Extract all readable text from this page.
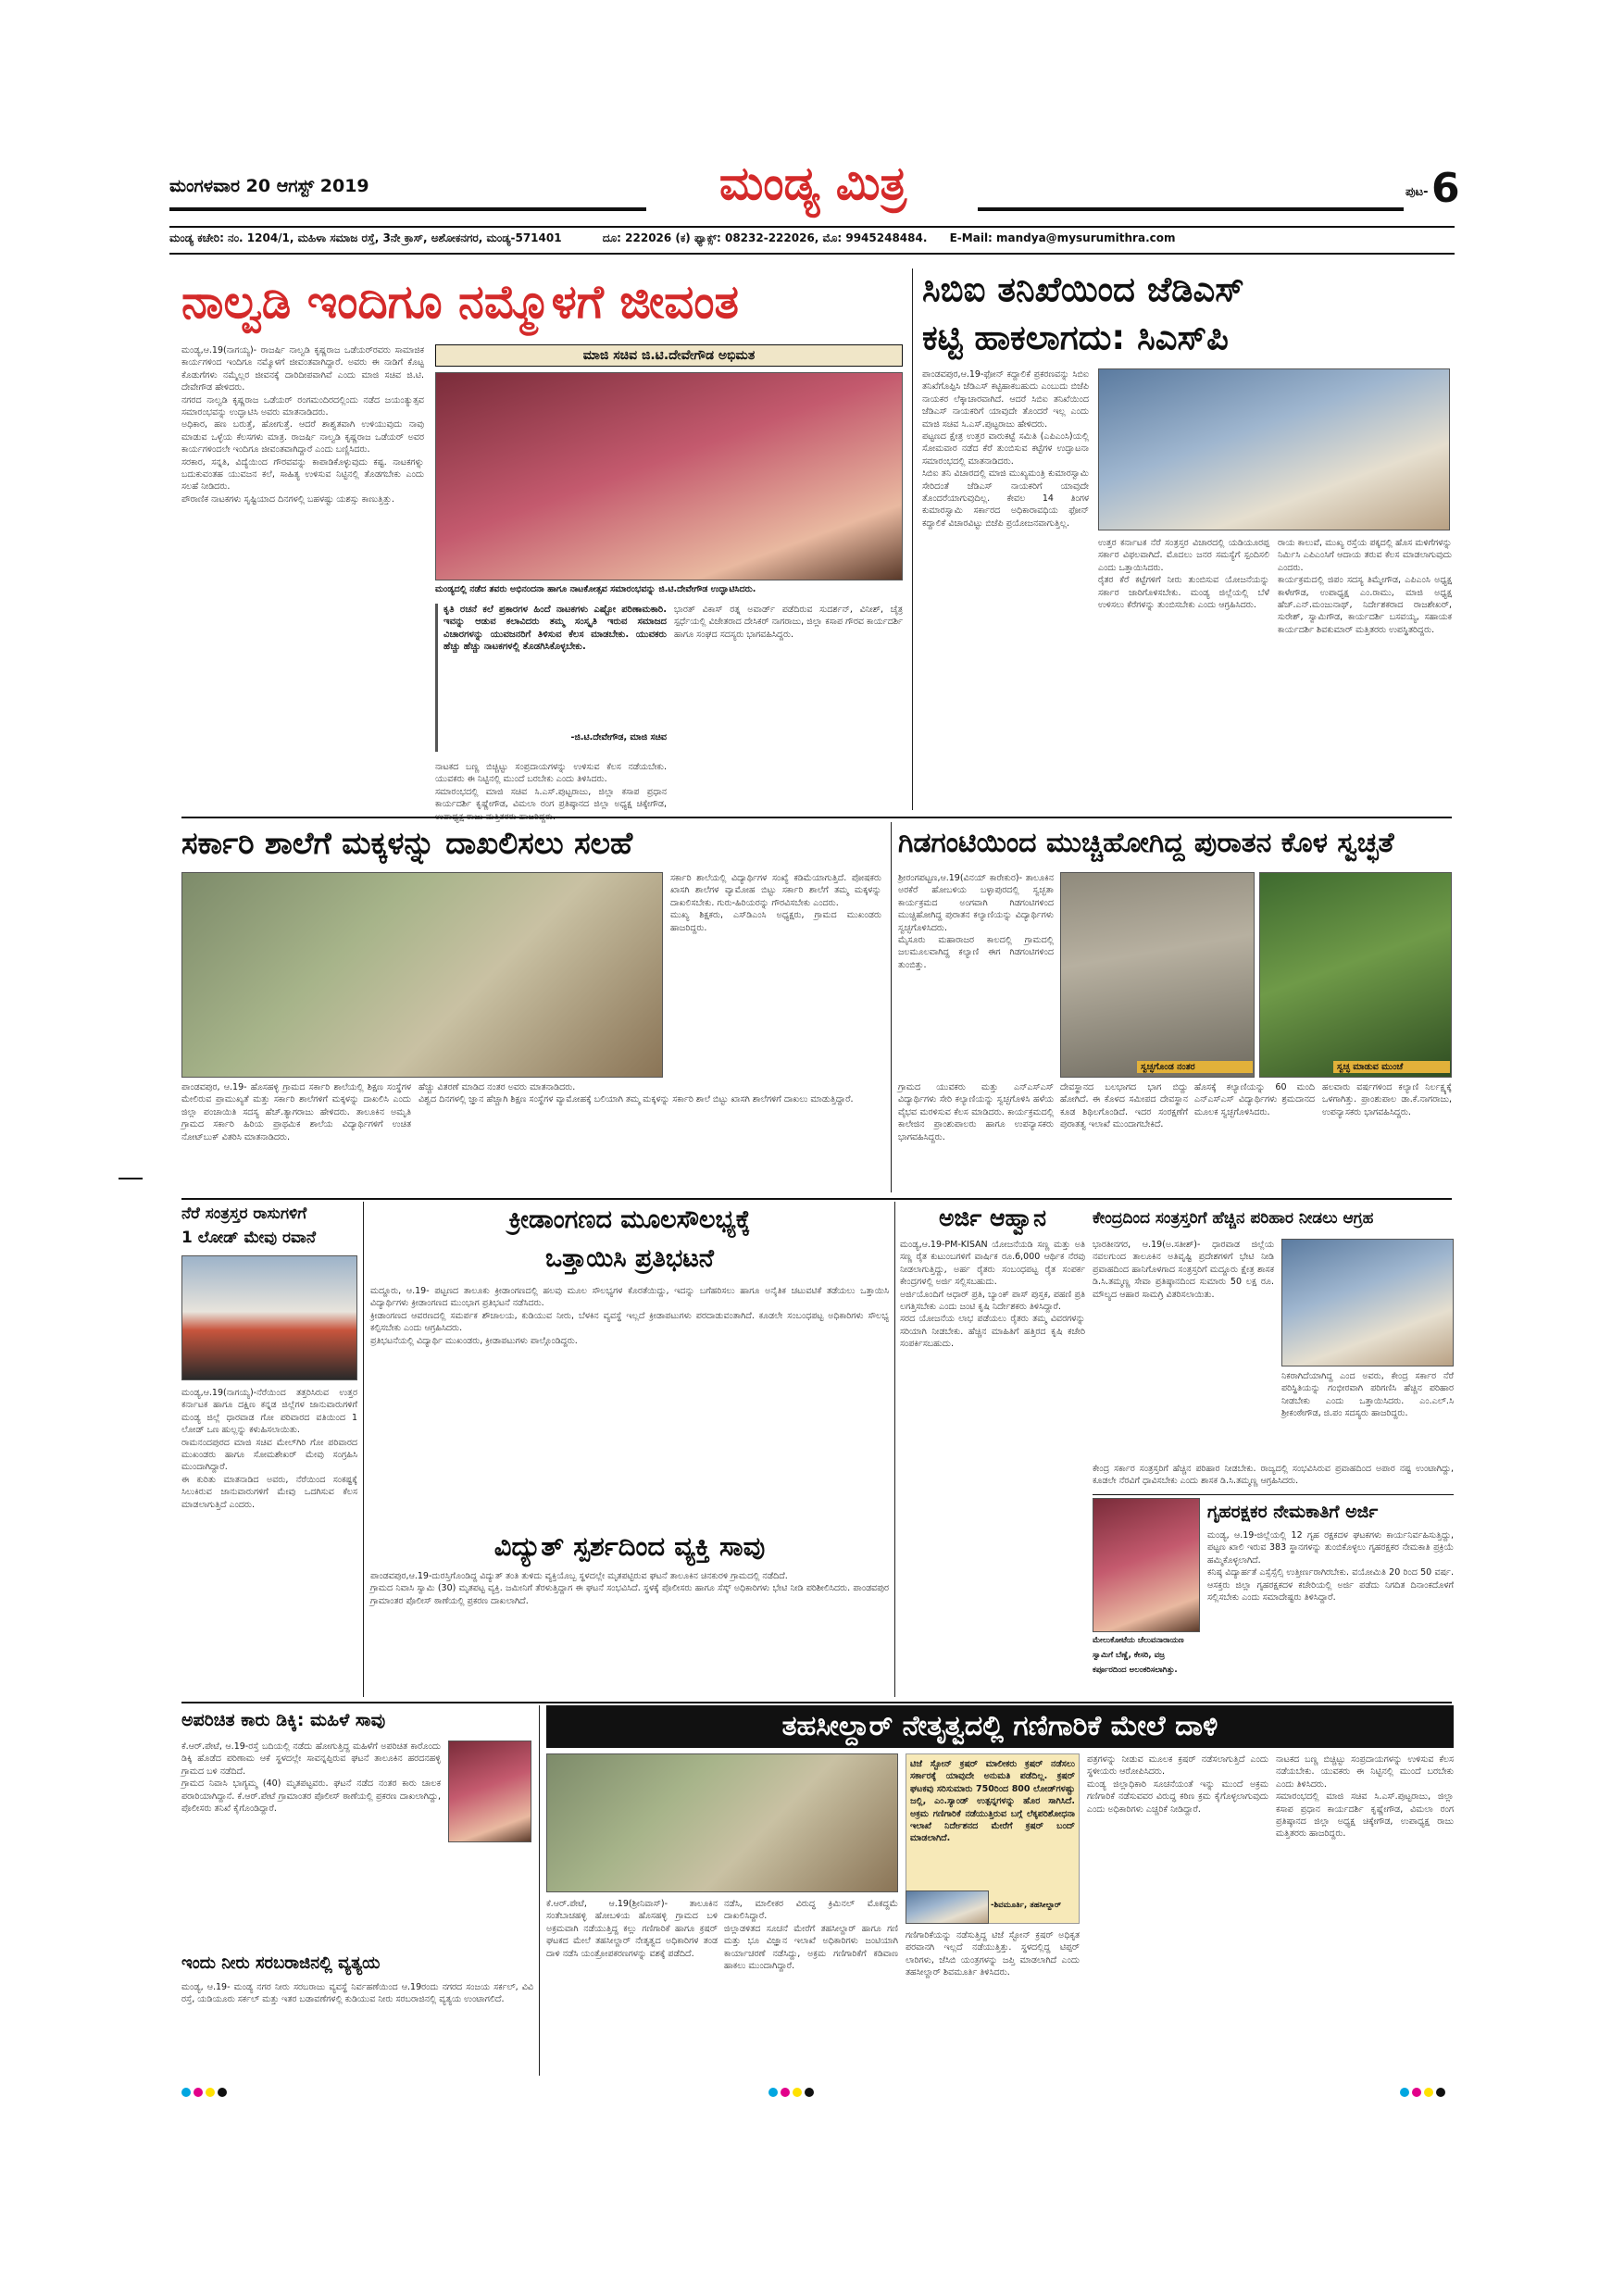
ಮಂಗಳವಾರ 20 ಆಗಸ್ಟ್ 2019	ಮಂಡ್ಯ ಮಿತ್ರ	ಪುಟ- 6
ಮಂಡ್ಯ ಕಚೇರಿ: ನಂ. 1204/1, ಮಹಿಳಾ ಸಮಾಜ ರಸ್ತೆ, 3ನೇ ಕ್ರಾಸ್, ಅಶೋಕನಗರ, ಮಂಡ್ಯ-571401	ದೂ: 222026 (ಕ) ಫ್ಯಾಕ್ಸ್: 08232-222026, ಮೊ: 9945248484. E-Mail: mandya@mysurumithra.com
ನಾಲ್ವಡಿ ಇಂದಿಗೂ ನಮ್ಮೊಳಗೆ ಜೀವಂತ
ಮಂಡ್ಯ,ಆ.19(ನಾಗಯ್ಯ)- ರಾಜರ್ಷಿ ನಾಲ್ವಡಿ ಕೃಷ್ಣರಾಜ ಒಡೆಯರ್‌ರವರು ಸಾಮಾಜಿಕ ಕಾರ್ಯಗಳಿಂದ ಇಂದಿಗೂ ನಮ್ಮೊಳಗೆ ಜೀವಂತವಾಗಿದ್ದಾರೆ. ಅವರು ಈ ನಾಡಿಗೆ ಕೊಟ್ಟ ಕೊಡುಗೆಗಳು ನಮ್ಮೆಲ್ಲರ ಜೀವನಕ್ಕೆ ದಾರಿದೀಪವಾಗಿವೆ ಎಂದು ಮಾಜಿ ಸಚಿವ ಜಿ.ಟಿ. ದೇವೇಗೌಡ ಹೇಳಿದರು.
ನಗರದ ನಾಲ್ವಡಿ ಕೃಷ್ಣರಾಜ ಒಡೆಯರ್ ರಂಗಮಂದಿರದಲ್ಲಿಂದು ನಡೆದ ಜಯಂತ್ಯುತ್ಸವ ಸಮಾರಂಭವನ್ನು ಉದ್ಘಾಟಿಸಿ ಅವರು ಮಾತನಾಡಿದರು.
ಅಧಿಕಾರ, ಹಣ ಬರುತ್ತೆ, ಹೋಗುತ್ತೆ. ಆದರೆ ಶಾಶ್ವತವಾಗಿ ಉಳಿಯುವುದು ನಾವು ಮಾಡುವ ಒಳ್ಳೆಯ ಕೆಲಸಗಳು ಮಾತ್ರ. ರಾಜರ್ಷಿ ನಾಲ್ವಡಿ ಕೃಷ್ಣರಾಜ ಒಡೆಯರ್ ಅವರ ಕಾರ್ಯಗಳಿಂದಲೇ ಇಂದಿಗೂ ಜೀವಂತವಾಗಿದ್ದಾರೆ ಎಂದು ಬಣ್ಣಿಸಿದರು.
ಸರಕಾರ, ಸನ್ನತಿ, ವಿದ್ಯೆಯಿಂದ ಗೌರವವನ್ನು ಕಾಪಾಡಿಕೊಳ್ಳುವುದು ಕಷ್ಟ. ನಾಟಕಗಳ್ನು ಬದುಕುವಂತಹ ಯುವಜನ ಕಲೆ, ಸಾಹಿತ್ಯ ಉಳಿಸುವ ನಿಟ್ಟಿನಲ್ಲಿ ತೊಡಗಬೇಕು ಎಂದು ಸಲಹೆ ನೀಡಿದರು.
ಪೌರಾಣಿಕ ನಾಟಕಗಳು ಸೃಷ್ಟಿಯಾದ ದಿನಗಳಲ್ಲಿ ಬಹಳಷ್ಟು ಯಶಸ್ಸು ಕಾಣುತ್ತಿತ್ತು.
ಮಾಜಿ ಸಚಿವ ಜಿ.ಟಿ.ದೇವೇಗೌಡ ಅಭಿಮತ
ಮಂಡ್ಯದಲ್ಲಿ ನಡೆದ ತವರು ಅಭಿನಂದನಾ ಹಾಗೂ ನಾಟಕೋತ್ಸವ ಸಮಾರಂಭವನ್ನು ಜಿ.ಟಿ.ದೇವೇಗೌಡ ಉದ್ಘಾಟಿಸಿದರು.
ಕೃತಿ ರಚನೆ ಕಲೆ ಪ್ರಕಾರಗಳ ಹಿಂದೆ ನಾಟಕಗಳು ಎಷ್ಟೋ ಪರಿಣಾಮಕಾರಿ. ಇವನ್ನು ಆಡುವ ಕಲಾವಿದರು ತಮ್ಮ ಸಂಸ್ಕೃತಿ ಇರುವ ಸಮಾಜದ ವಿಚಾರಗಳನ್ನು ಯುವಜನರಿಗೆ ತಿಳಿಸುವ ಕೆಲಸ ಮಾಡಬೇಕು. ಯುವಕರು ಹೆಚ್ಚು ಹೆಚ್ಚು ನಾಟಕಗಳಲ್ಲಿ ತೊಡಗಿಸಿಕೊಳ್ಳಬೇಕು.
-ಜಿ.ಟಿ.ದೇವೇಗೌಡ, ಮಾಜಿ ಸಚಿವ
ನಾಟಕದ ಬಣ್ಣ ಬಿಚ್ಚಿಟ್ಟು ಸಂಪ್ರದಾಯಗಳನ್ನು ಉಳಿಸುವ ಕೆಲಸ ನಡೆಯಬೇಕು. ಯುವಕರು ಈ ನಿಟ್ಟಿನಲ್ಲಿ ಮುಂದೆ ಬರಬೇಕು ಎಂದು ತಿಳಿಸಿದರು.
ಸಮಾರಂಭದಲ್ಲಿ ಮಾಜಿ ಸಚಿವ ಸಿ.ಎಸ್.ಪುಟ್ಟರಾಜು, ಜಿಲ್ಲಾ ಕಸಾಪ ಪ್ರಧಾನ ಕಾರ್ಯದರ್ಶಿ ಕೃಷ್ಣೇಗೌಡ, ವಿಮಲಾ ರಂಗ ಪ್ರತಿಷ್ಠಾನದ ಜಿಲ್ಲಾ ಅಧ್ಯಕ್ಷ ಚಿಕ್ಕೇಗೌಡ,
ಭಾರತ್ ವಿಕಾಸ್ ರತ್ನ ಅವಾರ್ಡ್ ಪಡೆದಿರುವ ಸುದರ್ಶನ್, ವಿನೀಶ್, ಚೈತ್ರ ಸ್ಪರ್ಧೆಯಲ್ಲಿ ವಿಜೇತರಾದ ದೇಸಿಕರ್ ನಾಗರಾಜು, ಜಿಲ್ಲಾ ಕಸಾಪ ಗೌರವ ಕಾರ್ಯದರ್ಶಿ ಹಾಗೂ ಸಂಘದ ಸದಸ್ಯರು ಭಾಗವಹಿಸಿದ್ದರು.
ಸಿಬಿಐ ತನಿಖೆಯಿಂದ ಜೆಡಿಎಸ್
ಕಟ್ಟಿ ಹಾಕಲಾಗದು: ಸಿಎಸ್‌ಪಿ
ಪಾಂಡವಪುರ,ಆ.19-ಫೋನ್ ಕದ್ದಾಲಿಕೆ ಪ್ರಕರಣವನ್ನು ಸಿಬಿಐ ತನಿಖೆಗೊಪ್ಪಿಸಿ ಜೆಡಿಎಸ್ ಕಟ್ಟಿಹಾಕಬಹುದು ಎಂಬುದು ಬಿಜೆಪಿ ನಾಯಕರ ಲೆಕ್ಕಾಚಾರವಾಗಿದೆ. ಆದರೆ ಸಿಬಿಐ ತನಿಖೆಯಿಂದ ಜೆಡಿಎಸ್ ನಾಯಕರಿಗೆ ಯಾವುದೇ ತೊಂದರೆ ಇಲ್ಲ ಎಂದು ಮಾಜಿ ಸಚಿವ ಸಿ.ಎಸ್.ಪುಟ್ಟರಾಜು ಹೇಳಿದರು.
ಪಟ್ಟಣದ ಕ್ಷೇತ್ರ ಉತ್ತರ ವಾರುಕಟ್ಟೆ ಸಮಿತಿ (ಎಪಿಎಂಸಿ)ಯಲ್ಲಿ ಸೋಮವಾರ ನಡೆದ ಕೆರೆ ತುಂಬಿಸುವ ಕಟ್ಟೆಗಳ ಉದ್ಘಾಟನಾ ಸಮಾರಂಭದಲ್ಲಿ ಮಾತನಾಡಿದರು.
ಸಿಬಿಐ ತನಿ ವಿಚಾರದಲ್ಲಿ ಮಾಜಿ ಮುಖ್ಯಮಂತ್ರಿ ಕುಮಾರಸ್ವಾಮಿ ಸೇರಿದಂತೆ ಜೆಡಿಎಸ್ ನಾಯಕರಿಗೆ ಯಾವುದೇ ತೊಂದರೆಯಾಗುವುದಿಲ್ಲ. ಕೇವಲ 14 ತಿಂಗಳ ಕುಮಾರಸ್ವಾಮಿ ಸರ್ಕಾರದ ಅಧಿಕಾರಾವಧಿಯ ಫೋನ್ ಕದ್ದಾಲಿಕೆ ವಿಚಾರವಿಟ್ಟು ಬಿಜೆಪಿ ಪ್ರಯೋಜನವಾಗುತ್ತಿಲ್ಲ.
ಉತ್ತರ ಕರ್ನಾಟಕ ನೆರೆ ಸಂತ್ರಸ್ತರ ವಿಚಾರದಲ್ಲಿ ಯಡಿಯೂರಪ್ಪ ಸರ್ಕಾರ ವಿಫಲವಾಗಿದೆ. ಮೊದಲು ಜನರ ಸಮಸ್ಯೆಗೆ ಸ್ಪಂದಿಸಲಿ ಎಂದು ಒತ್ತಾಯಿಸಿದರು.
ರೈತರ ಕೆರೆ ಕಟ್ಟೆಗಳಿಗೆ ನೀರು ತುಂಬಿಸುವ ಯೋಜನೆಯನ್ನು ಸರ್ಕಾರ ಜಾರಿಗೊಳಿಸಬೇಕು. ಮಂಡ್ಯ ಜಿಲ್ಲೆಯಲ್ಲಿ ಬೆಳೆ ಉಳಿಸಲು ಕೆರೆಗಳನ್ನು ತುಂಬಿಸಬೇಕು ಎಂದು ಆಗ್ರಹಿಸಿದರು.
ರಾಯ ಕಾಲುವೆ, ಮುಖ್ಯ ರಸ್ತೆಯ ಪಕ್ಕದಲ್ಲಿ ಹೊಸ ಮಳಿಗೆಗಳನ್ನು ನಿರ್ಮಿಸಿ ಎಪಿಎಂಸಿಗೆ ಆದಾಯ ತರುವ ಕೆಲಸ ಮಾಡಲಾಗುವುದು ಎಂದರು.
ಕಾರ್ಯಕ್ರಮದಲ್ಲಿ ಜಿಪಂ ಸದಸ್ಯ ತಿಮ್ಮೇಗೌಡ, ಎಪಿಎಂಸಿ ಅಧ್ಯಕ್ಷ ಕಾಳೇಗೌಡ, ಉಪಾಧ್ಯಕ್ಷ ಎಂ.ರಾಮು, ಮಾಜಿ ಅಧ್ಯಕ್ಷ ಹೆಚ್.ಎನ್.ಮಂಜುನಾಥ್, ನಿರ್ದೇಶಕರಾದ ರಾಜಶೇಖರ್, ಸುರೇಶ್, ಸ್ವಾಮಿಗೌಡ, ಕಾರ್ಯದರ್ಶಿ ಬಸವಯ್ಯ, ಸಹಾಯಕ ಕಾರ್ಯದರ್ಶಿ ಶಿವಕುಮಾರ್ ಮತ್ತಿತರರು ಉಪಸ್ಥಿತರಿದ್ದರು.
ಸರ್ಕಾರಿ ಶಾಲೆಗೆ ಮಕ್ಕಳನ್ನು ದಾಖಲಿಸಲು ಸಲಹೆ
ಸರ್ಕಾರಿ ಶಾಲೆಯಲ್ಲಿ ವಿದ್ಯಾರ್ಥಿಗಳ ಸಂಖ್ಯೆ ಕಡಿಮೆಯಾಗುತ್ತಿದೆ. ಪೋಷಕರು ಖಾಸಗಿ ಶಾಲೆಗಳ ವ್ಯಾಮೋಹ ಬಿಟ್ಟು ಸರ್ಕಾರಿ ಶಾಲೆಗೆ ತಮ್ಮ ಮಕ್ಕಳನ್ನು ದಾಖಲಿಸಬೇಕು. ಗುರು-ಹಿರಿಯರನ್ನು ಗೌರವಿಸಬೇಕು ಎಂದರು.
ಮುಖ್ಯ ಶಿಕ್ಷಕರು, ಎಸ್‌ಡಿಎಂಸಿ ಅಧ್ಯಕ್ಷರು, ಗ್ರಾಮದ ಮುಖಂಡರು ಹಾಜರಿದ್ದರು.
ಪಾಂಡವಪುರ, ಆ.19- ಹೊಸಹಳ್ಳಿ ಗ್ರಾಮದ ಸರ್ಕಾರಿ ಶಾಲೆಯಲ್ಲಿ ಶಿಕ್ಷಣ ಸಂಸ್ಥೆಗಳ ಮೇಲಿರುವ ಪ್ರಾಮುಖ್ಯತೆ ಮತ್ತು ಸರ್ಕಾರಿ ಶಾಲೆಗಳಿಗೆ ಮಕ್ಕಳನ್ನು ದಾಖಲಿಸಿ ಎಂದು ಜಿಲ್ಲಾ ಪಂಚಾಯಿತಿ ಸದಸ್ಯ ಹೆಚ್.ತ್ಯಾಗರಾಜು ಹೇಳಿದರು. ತಾಲೂಕಿನ ಅಮೃತಿ ಗ್ರಾಮದ ಸರ್ಕಾರಿ ಹಿರಿಯ ಪ್ರಾಥಮಿಕ ಶಾಲೆಯ ವಿದ್ಯಾರ್ಥಿಗಳಿಗೆ ಉಚಿತ ನೋಟ್‌ಬುಕ್ ವಿತರಿಸಿ ಮಾತನಾಡಿದರು.
ಹೆಚ್ಚು ವಿತರಣೆ ಮಾಡಿದ ನಂತರ ಅವರು ಮಾತನಾಡಿದರು.
ವಿಶ್ವದ ದಿನಗಳಲ್ಲಿ ಜ್ಞಾನ ಹೆಚ್ಚಾಗಿ ಶಿಕ್ಷಣ ಸಂಸ್ಥೆಗಳ ವ್ಯಾಮೋಹಕ್ಕೆ ಬಲಿಯಾಗಿ ತಮ್ಮ ಮಕ್ಕಳನ್ನು ಸರ್ಕಾರಿ ಶಾಲೆ ಬಿಟ್ಟು ಖಾಸಗಿ ಶಾಲೆಗಳಿಗೆ ದಾಖಲು ಮಾಡುತ್ತಿದ್ದಾರೆ.
ಗಿಡಗಂಟಿಯಿಂದ ಮುಚ್ಚಿಹೋಗಿದ್ದ ಪುರಾತನ ಕೊಳ ಸ್ವಚ್ಛತೆ
ಶ್ರೀರಂಗಪಟ್ಟಣ,ಆ.19(ವಿನಯ್ ಕಾರೇಕುರ)- ತಾಲೂಕಿನ ಅರಕೆರೆ ಹೋಬಳಿಯ ಬಳ್ಳಾಪುರದಲ್ಲಿ ಸ್ವಚ್ಛತಾ ಕಾರ್ಯಕ್ರಮದ ಅಂಗವಾಗಿ ಗಿಡಗಂಟಿಗಳಿಂದ ಮುಚ್ಚಿಹೋಗಿದ್ದ ಪುರಾತನ ಕಲ್ಯಾಣಿಯನ್ನು ವಿದ್ಯಾರ್ಥಿಗಳು ಸ್ವಚ್ಛಗೊಳಿಸಿದರು.
ಮೈಸೂರು ಮಹಾರಾಜರ ಕಾಲದಲ್ಲಿ ಗ್ರಾಮದಲ್ಲಿ ಜಲಮೂಲವಾಗಿದ್ದ ಕಲ್ಯಾಣಿ ಈಗ ಗಿಡಗಂಟಿಗಳಿಂದ ತುಂಬಿತ್ತು.
ಸ್ವಚ್ಛಗೊಂಡ ನಂತರ	ಸ್ವಚ್ಛ ಮಾಡುವ ಮುಂಚೆ
ಗ್ರಾಮದ ಯುವಕರು ಮತ್ತು ಎನ್ಎಸ್ಎಸ್ ವಿದ್ಯಾರ್ಥಿಗಳು ಸೇರಿ ಕಲ್ಯಾಣಿಯನ್ನು ಸ್ವಚ್ಛಗೊಳಿಸಿ ಹಳೆಯ ವೈಭವ ಮರಳಿಸುವ ಕೆಲಸ ಮಾಡಿದರು. ಕಾರ್ಯಕ್ರಮದಲ್ಲಿ ಕಾಲೇಜಿನ ಪ್ರಾಂಶುಪಾಲರು ಹಾಗೂ ಉಪನ್ಯಾಸಕರು ಭಾಗವಹಿಸಿದ್ದರು.
ದೇವಸ್ಥಾನದ ಬಲಭಾಗದ ಭಾಗ ಬಿದ್ದು ಹೋಗಿದೆ. ಈ ಕೊಳದ ಸಮೀಪದ ದೇವಸ್ಥಾನ ಕೂಡ ಶಿಥಿಲಗೊಂಡಿದೆ. ಇದರ ಸಂರಕ್ಷಣೆಗೆ ಪುರಾತತ್ವ ಇಲಾಖೆ ಮುಂದಾಗಬೇಕಿದೆ.
ಹೊಸಕ್ಕೆ ಕಲ್ಯಾಣಿಯನ್ನು 60 ಮಂದಿ ಎನ್ಎಸ್ಎಸ್ ವಿದ್ಯಾರ್ಥಿಗಳು ಶ್ರಮದಾನದ ಮೂಲಕ ಸ್ವಚ್ಛಗೊಳಿಸಿದರು.
ಹಲವಾರು ವರ್ಷಗಳಿಂದ ಕಲ್ಯಾಣಿ ನಿರ್ಲಕ್ಷ್ಯಕ್ಕೆ ಒಳಗಾಗಿತ್ತು. ಪ್ರಾಂಶುಪಾಲ ಡಾ.ಕೆ.ನಾಗರಾಜು, ಉಪನ್ಯಾಸಕರು ಭಾಗವಹಿಸಿದ್ದರು.
ನೆರೆ ಸಂತ್ರಸ್ತರ ರಾಸುಗಳಿಗೆ
1 ಲೋಡ್ ಮೇವು ರವಾನೆ
ಮಂಡ್ಯ,ಆ.19(ನಾಗಯ್ಯ)-ನೆರೆಯಿಂದ ತತ್ತರಿಸಿರುವ ಉತ್ತರ ಕರ್ನಾಟಕ ಹಾಗೂ ದಕ್ಷಿಣ ಕನ್ನಡ ಜಿಲ್ಲೆಗಳ ಜಾನುವಾರುಗಳಿಗೆ ಮಂಡ್ಯ ಜಿಲ್ಲೆ ಧಾರವಾಡ ಗೋ ಪರಿವಾರದ ವತಿಯಿಂದ 1 ಲೋಡ್ ಒಣ ಹುಲ್ಲನ್ನು ಕಳುಹಿಸಲಾಯಿತು.
ರಾಮನಂದಪುರದ ಮಾಜಿ ಸಚಿವ ಮೇಲ್‌ಗಿರಿ ಗೋ ಪರಿವಾರದ ಮುಖಂಡರು ಹಾಗೂ ಸೋಮಶೇಖರ್ ಮೇವು ಸಂಗ್ರಹಿಸಿ ಮುಂದಾಗಿದ್ದಾರೆ.
ಈ ಕುರಿತು ಮಾತನಾಡಿದ ಅವರು, ನೆರೆಯಿಂದ ಸಂಕಷ್ಟಕ್ಕೆ ಸಿಲುಕಿರುವ ಜಾನುವಾರುಗಳಿಗೆ ಮೇವು ಒದಗಿಸುವ ಕೆಲಸ ಮಾಡಲಾಗುತ್ತಿದೆ ಎಂದರು.
ಕ್ರೀಡಾಂಗಣದ ಮೂಲಸೌಲಭ್ಯಕ್ಕೆ
ಒತ್ತಾಯಿಸಿ ಪ್ರತಿಭಟನೆ
ಮದ್ದೂರು, ಆ.19- ಪಟ್ಟಣದ ತಾಲೂಕು ಕ್ರೀಡಾಂಗಣದಲ್ಲಿ ಹಲವು ಮೂಲ ಸೌಲಭ್ಯಗಳ ಕೊರತೆಯಿದ್ದು, ಇದನ್ನು ಬಗೆಹರಿಸಲು ಹಾಗೂ ಅನೈತಿಕ ಚಟುವಟಿಕೆ ತಡೆಯಲು ಒತ್ತಾಯಿಸಿ ವಿದ್ಯಾರ್ಥಿಗಳು ಕ್ರೀಡಾಂಗಣದ ಮುಂಭಾಗ ಪ್ರತಿಭಟನೆ ನಡೆಸಿದರು.
ಕ್ರೀಡಾಂಗಣದ ಆವರಣದಲ್ಲಿ ಸಮರ್ಪಕ ಶೌಚಾಲಯ, ಕುಡಿಯುವ ನೀರು, ಬೆಳಕಿನ ವ್ಯವಸ್ಥೆ ಇಲ್ಲದೆ ಕ್ರೀಡಾಪಟುಗಳು ಪರದಾಡುವಂತಾಗಿದೆ. ಕೂಡಲೇ ಸಂಬಂಧಪಟ್ಟ ಅಧಿಕಾರಿಗಳು ಸೌಲಭ್ಯ ಕಲ್ಪಿಸಬೇಕು ಎಂದು ಆಗ್ರಹಿಸಿದರು.
ಪ್ರತಿಭಟನೆಯಲ್ಲಿ ವಿದ್ಯಾರ್ಥಿ ಮುಖಂಡರು, ಕ್ರೀಡಾಪಟುಗಳು ಪಾಲ್ಗೊಂಡಿದ್ದರು.
ವಿದ್ಯುತ್ ಸ್ಪರ್ಶದಿಂದ ವ್ಯಕ್ತಿ ಸಾವು
ಪಾಂಡವಪುರ,ಆ.19-ದುರಸ್ತಿಗೊಂಡಿದ್ದ ವಿದ್ಯುತ್ ತಂತಿ ತುಳಿದು ವ್ಯಕ್ತಿಯೊಬ್ಬ ಸ್ಥಳದಲ್ಲೇ ಮೃತಪಟ್ಟಿರುವ ಘಟನೆ ತಾಲೂಕಿನ ಚಿನಕುರಳಿ ಗ್ರಾಮದಲ್ಲಿ ನಡೆದಿದೆ.
ಗ್ರಾಮದ ನಿವಾಸಿ ಸ್ವಾಮಿ (30) ಮೃತಪಟ್ಟ ವ್ಯಕ್ತಿ. ಜಮೀನಿಗೆ ತೆರಳುತ್ತಿದ್ದಾಗ ಈ ಘಟನೆ ಸಂಭವಿಸಿದೆ. ಸ್ಥಳಕ್ಕೆ ಪೊಲೀಸರು ಹಾಗೂ ಸೆಸ್ಕ್ ಅಧಿಕಾರಿಗಳು ಭೇಟಿ ನೀಡಿ ಪರಿಶೀಲಿಸಿದರು. ಪಾಂಡವಪುರ ಗ್ರಾಮಾಂತರ ಪೊಲೀಸ್ ಠಾಣೆಯಲ್ಲಿ ಪ್ರಕರಣ ದಾಖಲಾಗಿದೆ.
ಅರ್ಜಿ ಆಹ್ವಾನ
ಮಂಡ್ಯ,ಆ.19-PM-KISAN ಯೋಜನೆಯಡಿ ಸಣ್ಣ ಮತ್ತು ಅತಿ ಸಣ್ಣ ರೈತ ಕುಟುಂಬಗಳಿಗೆ ವಾರ್ಷಿಕ ರೂ.6,000 ಆರ್ಥಿಕ ನೆರವು ನೀಡಲಾಗುತ್ತಿದ್ದು, ಅರ್ಹ ರೈತರು ಸಂಬಂಧಪಟ್ಟ ರೈತ ಸಂಪರ್ಕ ಕೇಂದ್ರಗಳಲ್ಲಿ ಅರ್ಜಿ ಸಲ್ಲಿಸಬಹುದು.
ಅರ್ಜಿಯೊಂದಿಗೆ ಆಧಾರ್ ಪ್ರತಿ, ಬ್ಯಾಂಕ್ ಪಾಸ್ ಪುಸ್ತಕ, ಪಹಣಿ ಪ್ರತಿ ಲಗತ್ತಿಸಬೇಕು ಎಂದು ಜಂಟಿ ಕೃಷಿ ನಿರ್ದೇಶಕರು ತಿಳಿಸಿದ್ದಾರೆ.
ಸರದ ಯೋಜನೆಯ ಲಾಭ ಪಡೆಯಲು ರೈತರು ತಮ್ಮ ವಿವರಗಳನ್ನು ಸರಿಯಾಗಿ ನೀಡಬೇಕು. ಹೆಚ್ಚಿನ ಮಾಹಿತಿಗೆ ಹತ್ತಿರದ ಕೃಷಿ ಕಚೇರಿ ಸಂಪರ್ಕಿಸಬಹುದು.
ಕೇಂದ್ರದಿಂದ ಸಂತ್ರಸ್ತರಿಗೆ ಹೆಚ್ಚಿನ ಪರಿಹಾರ ನೀಡಲು ಆಗ್ರಹ
ಭಾರತೀನಗರ, ಆ.19(ಅ.ಸತೀಶ್)- ಧಾರವಾಡ ಜಿಲ್ಲೆಯ ನವಲಗುಂದ ತಾಲೂಕಿನ ಅತಿವೃಷ್ಟಿ ಪ್ರದೇಶಗಳಿಗೆ ಭೇಟಿ ನೀಡಿ ಪ್ರವಾಹದಿಂದ ಹಾನಿಗೊಳಗಾದ ಸಂತ್ರಸ್ತರಿಗೆ ಮದ್ದೂರು ಕ್ಷೇತ್ರ ಶಾಸಕ ಡಿ.ಸಿ.ತಮ್ಮಣ್ಣ ಸೇವಾ ಪ್ರತಿಷ್ಠಾನದಿಂದ ಸುಮಾರು 50 ಲಕ್ಷ ರೂ. ಮೌಲ್ಯದ ಆಹಾರ ಸಾಮಗ್ರಿ ವಿತರಿಸಲಾಯಿತು.
ನಿಕರಾಗಿದೆಯಾಗಿದ್ದ ಎಂದ ಅವರು, ಕೇಂದ್ರ ಸರ್ಕಾರ ನೆರೆ ಪರಿಸ್ಥಿತಿಯನ್ನು ಗಂಭೀರವಾಗಿ ಪರಿಗಣಿಸಿ ಹೆಚ್ಚಿನ ಪರಿಹಾರ ನೀಡಬೇಕು ಎಂದು ಒತ್ತಾಯಿಸಿದರು. ಎಂ.ಎಲ್.ಸಿ ಶ್ರೀಕಂಠೇಗೌಡ, ಜಿ.ಪಂ ಸದಸ್ಯರು ಹಾಜರಿದ್ದರು.
ಕೇಂದ್ರ ಸರ್ಕಾರ ಸಂತ್ರಸ್ತರಿಗೆ ಹೆಚ್ಚಿನ ಪರಿಹಾರ ನೀಡಬೇಕು. ರಾಜ್ಯದಲ್ಲಿ ಸಂಭವಿಸಿರುವ ಪ್ರವಾಹದಿಂದ ಅಪಾರ ನಷ್ಟ ಉಂಟಾಗಿದ್ದು, ಕೂಡಲೇ ನೆರವಿಗೆ ಧಾವಿಸಬೇಕು ಎಂದು ಶಾಸಕ ಡಿ.ಸಿ.ತಮ್ಮಣ್ಣ ಆಗ್ರಹಿಸಿದರು.
ಮೇಲುಕೋಟೆಯ ಚೆಲುವನಾರಾಯಣ
ಸ್ವಾಮಿಗೆ ಬೆಣ್ಣೆ, ಕೇಸರಿ, ವಜ್ರ
ಕರ್ಪೂರದಿಂದ ಅಲಂಕರಿಸಲಾಗಿತ್ತು.
ಗೃಹರಕ್ಷಕರ ನೇಮಕಾತಿಗೆ ಅರ್ಜಿ
ಮಂಡ್ಯ, ಆ.19-ಜಿಲ್ಲೆಯಲ್ಲಿ 12 ಗೃಹ ರಕ್ಷಕದಳ ಘಟಕಗಳು ಕಾರ್ಯನಿರ್ವಹಿಸುತ್ತಿದ್ದು, ಪಟ್ಟಣ ಖಾಲಿ ಇರುವ 383 ಸ್ಥಾನಗಳನ್ನು ತುಂಬಿಕೊಳ್ಳಲು ಗೃಹರಕ್ಷಕರ ನೇಮಕಾತಿ ಪ್ರಕ್ರಿಯೆ ಹಮ್ಮಿಕೊಳ್ಳಲಾಗಿದೆ.
ಕನಿಷ್ಠ ವಿದ್ಯಾರ್ಹತೆ ಎಸ್ಸೆಸ್ಸೆಲ್ಸಿ ಉತ್ತೀರ್ಣರಾಗಿರಬೇಕು. ವಯೋಮಿತಿ 20 ರಿಂದ 50 ವರ್ಷ. ಆಸಕ್ತರು ಜಿಲ್ಲಾ ಗೃಹರಕ್ಷಕದಳ ಕಚೇರಿಯಲ್ಲಿ ಅರ್ಜಿ ಪಡೆದು ನಿಗದಿತ ದಿನಾಂಕದೊಳಗೆ ಸಲ್ಲಿಸಬೇಕು ಎಂದು ಸಮಾದೇಷ್ಟರು ತಿಳಿಸಿದ್ದಾರೆ.
ಅಪರಿಚಿತ ಕಾರು ಡಿಕ್ಕಿ: ಮಹಿಳೆ ಸಾವು
ಕೆ.ಆರ್.ಪೇಟೆ, ಆ.19-ರಸ್ತೆ ಬದಿಯಲ್ಲಿ ನಡೆದು ಹೋಗುತ್ತಿದ್ದ ಮಹಿಳೆಗೆ ಅಪರಿಚಿತ ಕಾರೊಂದು ಡಿಕ್ಕಿ ಹೊಡೆದ ಪರಿಣಾಮ ಆಕೆ ಸ್ಥಳದಲ್ಲೇ ಸಾವನ್ನಪ್ಪಿರುವ ಘಟನೆ ತಾಲೂಕಿನ ಹರದನಹಳ್ಳಿ ಗ್ರಾಮದ ಬಳಿ ನಡೆದಿದೆ.
ಗ್ರಾಮದ ನಿವಾಸಿ ಭಾಗ್ಯಮ್ಮ (40) ಮೃತಪಟ್ಟವರು. ಘಟನೆ ನಡೆದ ನಂತರ ಕಾರು ಚಾಲಕ ಪರಾರಿಯಾಗಿದ್ದಾನೆ. ಕೆ.ಆರ್.ಪೇಟೆ ಗ್ರಾಮಾಂತರ ಪೊಲೀಸ್ ಠಾಣೆಯಲ್ಲಿ ಪ್ರಕರಣ ದಾಖಲಾಗಿದ್ದು, ಪೊಲೀಸರು ತನಿಖೆ ಕೈಗೊಂಡಿದ್ದಾರೆ.
ಇಂದು ನೀರು ಸರಬರಾಜಿನಲ್ಲಿ ವ್ಯತ್ಯಯ
ಮಂಡ್ಯ, ಆ.19- ಮಂಡ್ಯ ನಗರ ನೀರು ಸರಬರಾಜು ವ್ಯವಸ್ಥೆ ನಿರ್ವಹಣೆಯಿಂದ ಆ.19ರಂದು ನಗರದ ಸಂಜಯ ಸರ್ಕಲ್, ವಿವಿ ರಸ್ತೆ, ಯಡಿಯೂರು ಸರ್ಕಲ್ ಮತ್ತು ಇತರ ಬಡಾವಣೆಗಳಲ್ಲಿ ಕುಡಿಯುವ ನೀರು ಸರಬರಾಜಿನಲ್ಲಿ ವ್ಯತ್ಯಯ ಉಂಟಾಗಲಿದೆ.
ತಹಸೀಲ್ದಾರ್ ನೇತೃತ್ವದಲ್ಲಿ ಗಣಿಗಾರಿಕೆ ಮೇಲೆ ದಾಳಿ
ಕೆ.ಆರ್.ಪೇಟೆ, ಆ.19(ಶ್ರೀನಿವಾಸ್)- ತಾಲೂಕಿನ ಸಂತೆಬಾಚಹಳ್ಳಿ ಹೋಬಳಿಯ ಹೊಸಹಳ್ಳಿ ಗ್ರಾಮದ ಬಳಿ ಅಕ್ರಮವಾಗಿ ನಡೆಯುತ್ತಿದ್ದ ಕಲ್ಲು ಗಣಿಗಾರಿಕೆ ಹಾಗೂ ಕ್ರಷರ್ ಘಟಕದ ಮೇಲೆ ತಹಸೀಲ್ದಾರ್ ನೇತೃತ್ವದ ಅಧಿಕಾರಿಗಳ ತಂಡ ದಾಳಿ ನಡೆಸಿ ಯಂತ್ರೋಪಕರಣಗಳನ್ನು ವಶಕ್ಕೆ ಪಡೆದಿದೆ.
ನಡೆಸಿ, ಮಾಲೀಕರ ವಿರುದ್ಧ ಕ್ರಿಮಿನಲ್ ಮೊಕದ್ದಮೆ ದಾಖಲಿಸಿದ್ದಾರೆ.
ಜಿಲ್ಲಾಡಳಿತದ ಸೂಚನೆ ಮೇರೆಗೆ ತಹಸೀಲ್ದಾರ್ ಹಾಗೂ ಗಣಿ ಮತ್ತು ಭೂ ವಿಜ್ಞಾನ ಇಲಾಖೆ ಅಧಿಕಾರಿಗಳು ಜಂಟಿಯಾಗಿ ಕಾರ್ಯಾಚರಣೆ ನಡೆಸಿದ್ದು, ಅಕ್ರಮ ಗಣಿಗಾರಿಕೆಗೆ ಕಡಿವಾಣ ಹಾಕಲು ಮುಂದಾಗಿದ್ದಾರೆ.
ಟಿಜೆ ಸ್ಟೋನ್ ಕ್ರಷರ್ ಮಾಲೀಕರು ಕ್ರಷರ್ ನಡೆಸಲು ಸರ್ಕಾರಕ್ಕೆ ಯಾವುದೇ ಅನುಮತಿ ಪಡೆದಿಲ್ಲ. ಕ್ರಷರ್ ಘಟಕವು ಸರಿಸುಮಾರು 750ರಿಂದ 800 ಲೋಡ್‌ಗಳಷ್ಟು ಜಲ್ಲಿ, ಎಂ.ಸ್ಯಾಂಡ್ ಉತ್ಪನ್ನಗಳನ್ನು ಹೊರ ಸಾಗಿಸಿದೆ. ಅಕ್ರಮ ಗಣಿಗಾರಿಕೆ ನಡೆಯುತ್ತಿರುವ ಬಗ್ಗೆ ಲೆಕ್ಕಪರಿಶೋಧನಾ ಇಲಾಖೆ ನಿರ್ದೇಶನದ ಮೇರೆಗೆ ಕ್ರಷರ್ ಬಂದ್ ಮಾಡಲಾಗಿದೆ.
-ಶಿವಮೂರ್ತಿ, ತಹಸೀಲ್ದಾರ್
ಗಣಿಗಾರಿಕೆಯನ್ನು ನಡೆಸುತ್ತಿದ್ದ ಟಿಜೆ ಸ್ಟೋನ್ ಕ್ರಷರ್ ಅಧಿಕೃತ ಪರವಾನಗಿ ಇಲ್ಲದೆ ನಡೆಯುತ್ತಿತ್ತು. ಸ್ಥಳದಲ್ಲಿದ್ದ ಟಿಪ್ಪರ್ ಲಾರಿಗಳು, ಜೆಸಿಬಿ ಯಂತ್ರಗಳನ್ನು ಜಪ್ತಿ ಮಾಡಲಾಗಿದೆ ಎಂದು ತಹಸೀಲ್ದಾರ್ ಶಿವಮೂರ್ತಿ ತಿಳಿಸಿದರು.
ಪತ್ರಗಳನ್ನು ನೀಡುವ ಮೂಲಕ ಕ್ರಷರ್ ನಡೆಸಲಾಗುತ್ತಿದೆ ಎಂದು ಸ್ಥಳೀಯರು ಆರೋಪಿಸಿದರು.
ಮಂಡ್ಯ ಜಿಲ್ಲಾಧಿಕಾರಿ ಸೂಚನೆಯಂತೆ ಇನ್ನು ಮುಂದೆ ಅಕ್ರಮ ಗಣಿಗಾರಿಕೆ ನಡೆಸುವವರ ವಿರುದ್ಧ ಕಠಿಣ ಕ್ರಮ ಕೈಗೊಳ್ಳಲಾಗುವುದು ಎಂದು ಅಧಿಕಾರಿಗಳು ಎಚ್ಚರಿಕೆ ನೀಡಿದ್ದಾರೆ.
ನಾಟಕದ ಬಣ್ಣ ಬಿಚ್ಚಿಟ್ಟು ಸಂಪ್ರದಾಯಗಳನ್ನು ಉಳಿಸುವ ಕೆಲಸ ನಡೆಯಬೇಕು. ಯುವಕರು ಈ ನಿಟ್ಟಿನಲ್ಲಿ ಮುಂದೆ ಬರಬೇಕು ಎಂದು ತಿಳಿಸಿದರು.
ಸಮಾರಂಭದಲ್ಲಿ ಮಾಜಿ ಸಚಿವ ಸಿ.ಎಸ್.ಪುಟ್ಟರಾಜು, ಜಿಲ್ಲಾ ಕಸಾಪ ಪ್ರಧಾನ ಕಾರ್ಯದರ್ಶಿ ಕೃಷ್ಣೇಗೌಡ, ವಿಮಲಾ ರಂಗ ಪ್ರತಿಷ್ಠಾನದ ಜಿಲ್ಲಾ ಅಧ್ಯಕ್ಷ ಚಿಕ್ಕೇಗೌಡ, ಉಪಾಧ್ಯಕ್ಷ ರಾಜು ಮತ್ತಿತರರು ಹಾಜರಿದ್ದರು.
